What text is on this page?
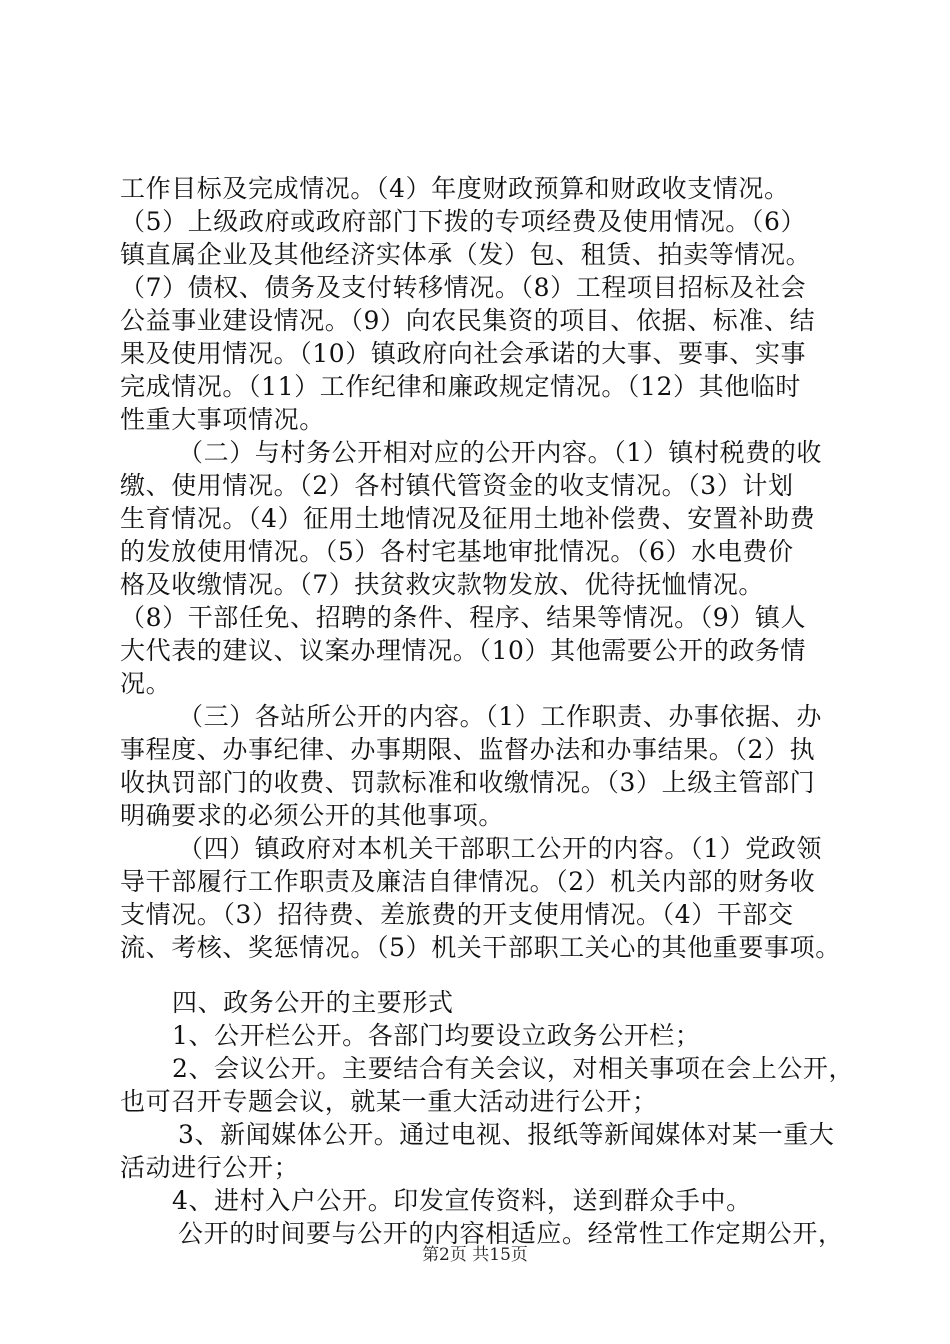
工作目标及完成情况。（4）年度财政预算和财政收支情况。
（5）上级政府或政府部门下拨的专项经费及使用情况。（6）
镇直属企业及其他经济实体承（发）包、租赁、拍卖等情况。
（7）债权、债务及支付转移情况。（8）工程项目招标及社会
公益事业建设情况。（9）向农民集资的项目、依据、标准、结
果及使用情况。（10）镇政府向社会承诺的大事、要事、实事
完成情况。（11）工作纪律和廉政规定情况。（12）其他临时
性重大事项情况。
（二）与村务公开相对应的公开内容。（1）镇村税费的收
缴、使用情况。（2）各村镇代管资金的收支情况。（3）计划
生育情况。（4）征用土地情况及征用土地补偿费、安置补助费
的发放使用情况。（5）各村宅基地审批情况。（6）水电费价
格及收缴情况。（7）扶贫救灾款物发放、优待抚恤情况。
（8）干部任免、招聘的条件、程序、结果等情况。（9）镇人
大代表的建议、议案办理情况。（10）其他需要公开的政务情
况。
（三）各站所公开的内容。（1）工作职责、办事依据、办
事程度、办事纪律、办事期限、监督办法和办事结果。（2）执
收执罚部门的收费、罚款标准和收缴情况。（3）上级主管部门
明确要求的必须公开的其他事项。
（四）镇政府对本机关干部职工公开的内容。（1）党政领
导干部履行工作职责及廉洁自律情况。（2）机关内部的财务收
支情况。（3）招待费、差旅费的开支使用情况。（4）干部交
流、考核、奖惩情况。（5）机关干部职工关心的其他重要事项。
四、政务公开的主要形式
1、公开栏公开。各部门均要设立政务公开栏；
2、会议公开。主要结合有关会议，对相关事项在会上公开，
也可召开专题会议，就某一重大活动进行公开；
3、新闻媒体公开。通过电视、报纸等新闻媒体对某一重大
活动进行公开；
4、进村入户公开。印发宣传资料，送到群众手中。
公开的时间要与公开的内容相适应。经常性工作定期公开，
第2页 共15页
